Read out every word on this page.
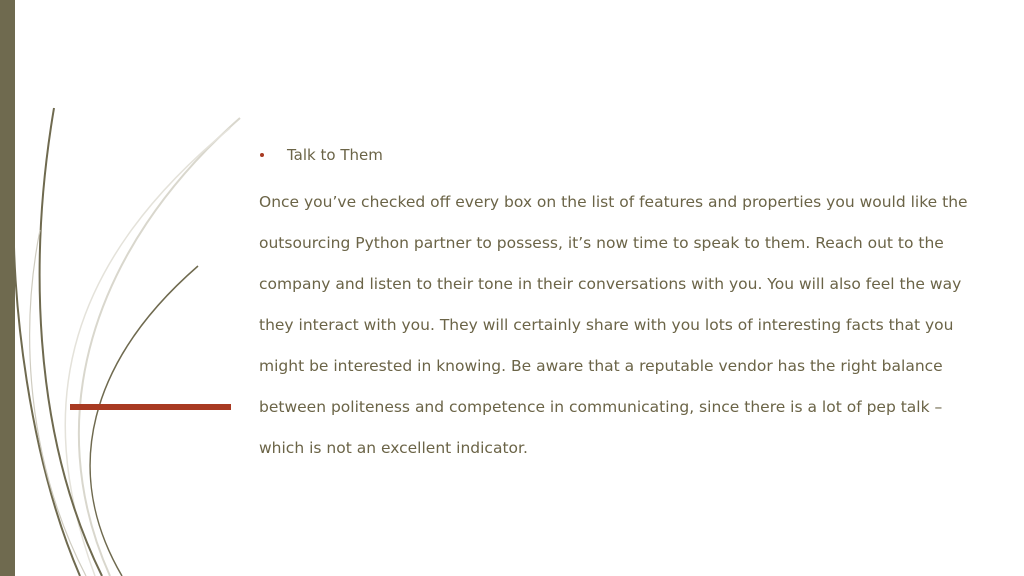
Talk to Them

Once you’ve checked off every box on the list of features and properties you would like the outsourcing Python partner to possess, it’s now time to speak to them. Reach out to the company and listen to their tone in their conversations with you. You will also feel the way they interact with you. They will certainly share with you lots of interesting facts that you might be interested in knowing. Be aware that a reputable vendor has the right balance between politeness and competence in communicating, since there is a lot of pep talk – which is not an excellent indicator.
